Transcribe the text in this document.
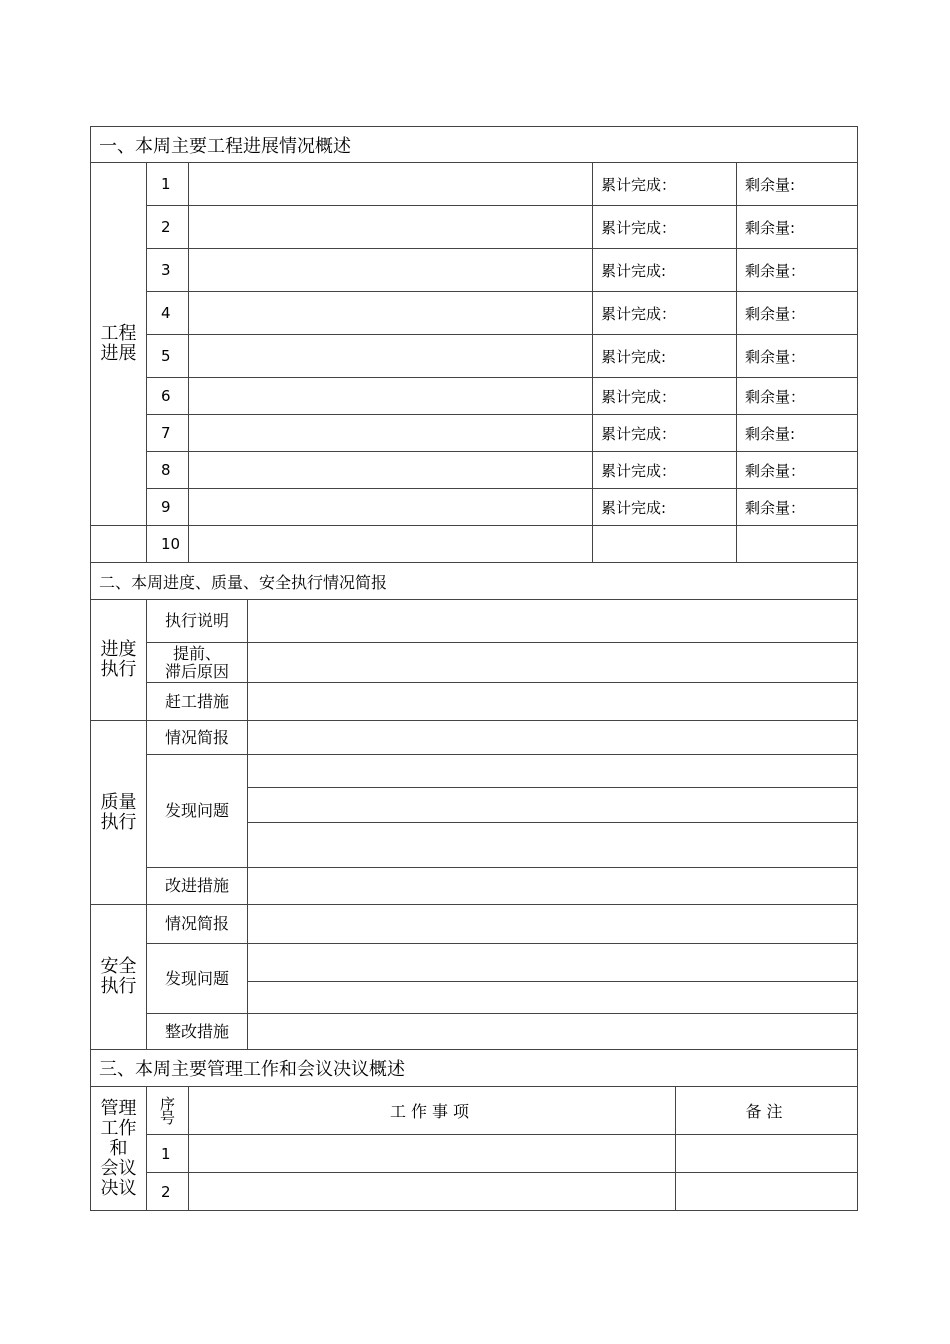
一、本周主要工程进展情况概述						
工程
进展	1			累计完成：		剩余量:
	2			累计完成：		剩余量:
	3			累计完成:		剩余量：
	4			累计完成：		剩余量：
	5			累计完成:		剩余量：
	6			累计完成：		剩余量：
	7			累计完成：		剩余量:
	8			累计完成：		剩余量：
	9			累计完成:		剩余量：
	10					
二、本周进度、质量、安全执行情况简报						
进度
执行	执行说明					
	提前、
滞后原因					
	赶工措施					
质量
执行	情况简报					
	发现问题					

	改进措施					
安全
执行	情况简报					
	发现问题					

	整改措施					
三、本周主要管理工作和会议决议概述						
管理
工作
和
会议
决议	序
号	工作事项			备注	
	1					
	2					
